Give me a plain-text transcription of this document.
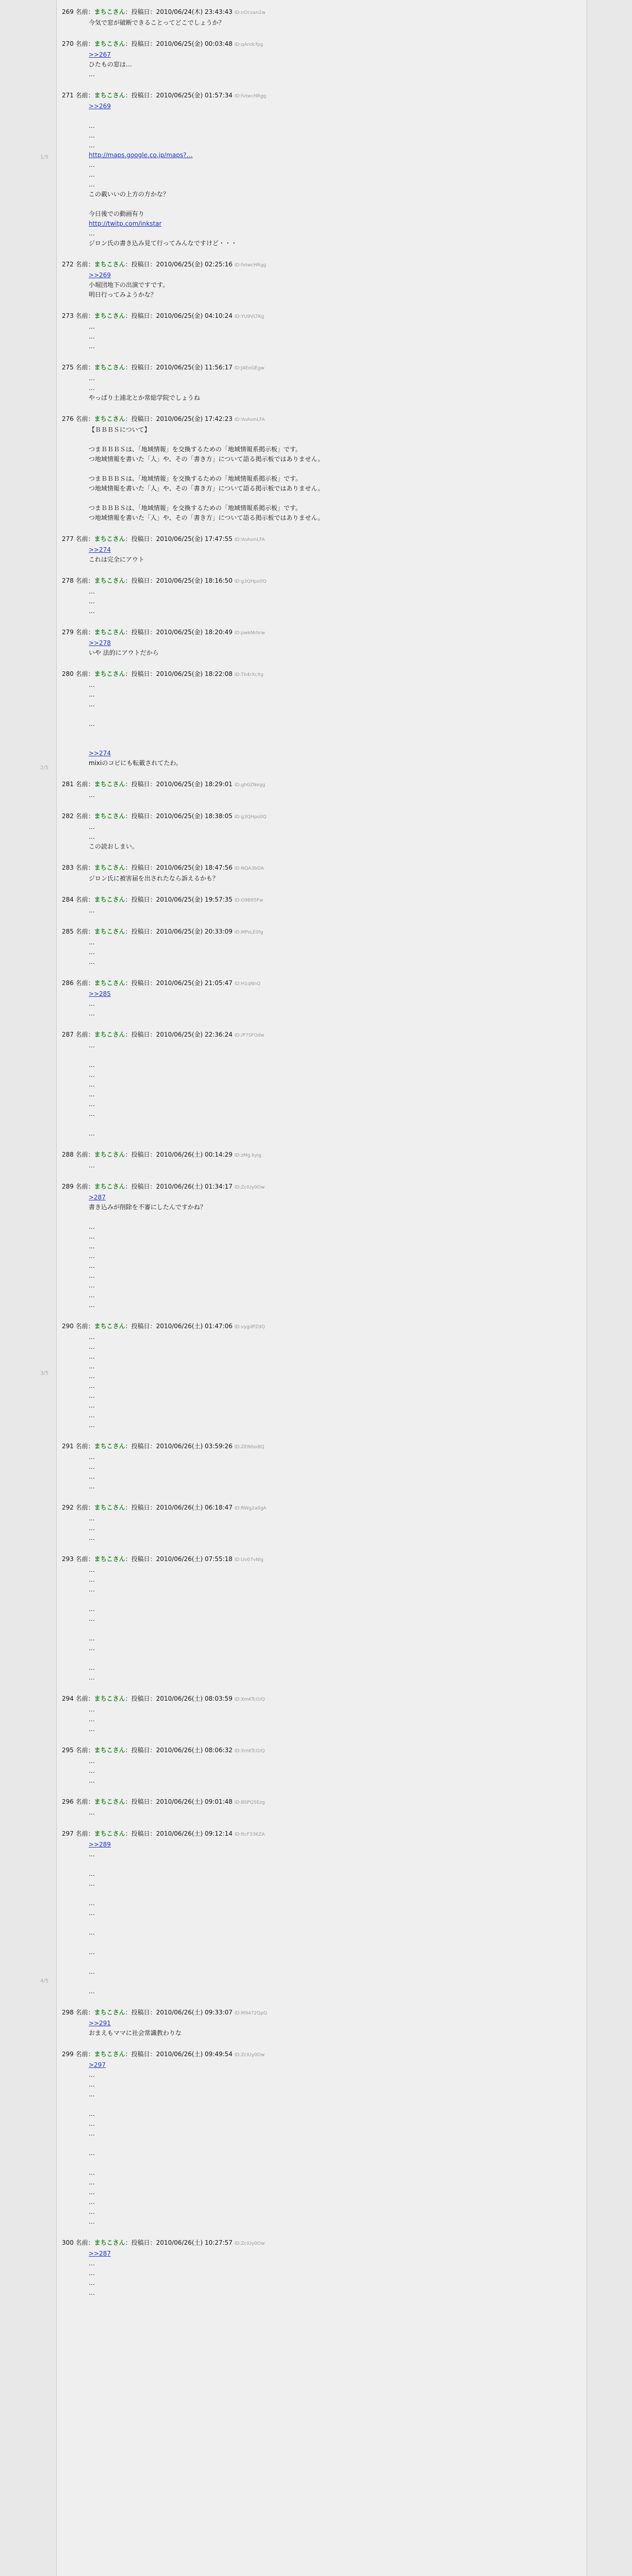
1/5
2/5
3/5
4/5
269 名前：まちこさん：投稿日：2010/06/24(木) 23:43:43 ID:nOcxan2w
今気で窓が破断できることってどこでしょうか？
270 名前：まちこさん：投稿日：2010/06/25(金) 00:03:48 ID:qAndcfpg
>>267
ひたもの窓は…
…
271 名前：まちこさん：投稿日：2010/06/25(金) 01:57:34 ID:fvtwcHRgg
>>269
…
…
…
http://maps.google.co.jp/maps?…
…
…
…
この載いいの上方の方かな？
今日後での動画有り
http://twitp.com/inkstar
…
ジロン氏の書き込み見て行ってみんなですけど・・・
272 名前：まちこさん：投稿日：2010/06/25(金) 02:25:16 ID:fvtwcHRgg
>>269
小堀団地下の出演ですです。
明日行ってみようかな？
273 名前：まちこさん：投稿日：2010/06/25(金) 04:10:24 ID:YU9VLTKg
…
…
…
275 名前：まちこさん：投稿日：2010/06/25(金) 11:56:17 ID:J4EoGEgw
…
…
やっぱり土浦北とか常総学院でしょうね
276 名前：まちこさん：投稿日：2010/06/25(金) 17:42:23 ID:VoAsmLFA
【ＢＢＢＳについて】
つまＢＢＢＳは、「地域情報」を交換するための「地域情報系掲示板」です。
つ地域情報を書いた「人」や、その「書き方」について語る掲示板ではありません。
つまＢＢＢＳは、「地域情報」を交換するための「地域情報系掲示板」です。
つ地域情報を書いた「人」や、その「書き方」について語る掲示板ではありません。
つまＢＢＢＳは、「地域情報」を交換するための「地域情報系掲示板」です。
つ地域情報を書いた「人」や、その「書き方」について語る掲示板ではありません。
277 名前：まちこさん：投稿日：2010/06/25(金) 17:47:55 ID:VoAsmLFA
>>274
これは完全にアウト
278 名前：まちこさん：投稿日：2010/06/25(金) 18:16:50 ID:g3QHpo0Q
…
…
…
279 名前：まちこさん：投稿日：2010/06/25(金) 18:20:49 ID:pwkMrhrw
>>278
いや 法的にアウトだから
280 名前：まちこさん：投稿日：2010/06/25(金) 18:22:08 ID:Tb4rXcXg
…
…
…
…
>>274
mixiのコピにも転載されてたわ。
281 名前：まちこさん：投稿日：2010/06/25(金) 18:29:01 ID:gh0ZNegg
…
282 名前：まちこさん：投稿日：2010/06/25(金) 18:38:05 ID:g3QHpo0Q
…
…
この読おしまい。
283 名前：まちこさん：投稿日：2010/06/25(金) 18:47:56 ID:NQA3bOA
ジロン氏に被害届を出されたなら訴えるかも？
284 名前：まちこさん：投稿日：2010/06/25(金) 19:57:35 ID:O9B85Fw
…
285 名前：まちこさん：投稿日：2010/06/25(金) 20:33:09 ID:MPsLE0fg
…
…
…
286 名前：まちこさん：投稿日：2010/06/25(金) 21:05:47 ID:H1qNnQ
>>285
…
…
287 名前：まちこさん：投稿日：2010/06/25(金) 22:36:24 ID:/P7SFOdw
…
…
…
…
…
…
…
…
288 名前：まちこさん：投稿日：2010/06/26(土) 00:14:29 ID:zMg.kyig
…
289 名前：まちこさん：投稿日：2010/06/26(土) 01:34:17 ID:ZcIUy0Ow
>287
書き込みが削除を不審にしたんですかね？
…
…
…
…
…
…
…
…
…
290 名前：まちこさん：投稿日：2010/06/26(土) 01:47:06 ID:vygdPZdQ
…
…
…
…
…
…
…
…
…
…
291 名前：まちこさん：投稿日：2010/06/26(土) 03:59:26 ID:ZEN0oi8Q
…
…
…
…
292 名前：まちこさん：投稿日：2010/06/26(土) 06:18:47 ID:RWg2a0gA
…
…
…
293 名前：まちこさん：投稿日：2010/06/26(土) 07:55:18 ID:Uv07vNlg
…
…
…
…
…
…
…
…
…
294 名前：まちこさん：投稿日：2010/06/26(土) 08:03:59 ID:XmKTcO/Q
…
…
…
295 名前：まちこさん：投稿日：2010/06/26(土) 08:06:32 ID:XmKTcO/Q
…
…
…
296 名前：まちこさん：投稿日：2010/06/26(土) 09:01:48 ID:BSPQ5Ezg
…
297 名前：まちこさん：投稿日：2010/06/26(土) 09:12:14 ID:RcF33KZA
>>289
…
…
…
…
…
…
…
…
…
298 名前：まちこさん：投稿日：2010/06/26(土) 09:33:07 ID:M9472QpQ
>>291
おまえもママに社会常識教わりな
299 名前：まちこさん：投稿日：2010/06/26(土) 09:49:54 ID:ZcIUy0Ow
>297
…
…
…
…
…
…
…
…
…
…
…
…
…
300 名前：まちこさん：投稿日：2010/06/26(土) 10:27:57 ID:ZcIUy0Ow
>>287
…
…
…
…
